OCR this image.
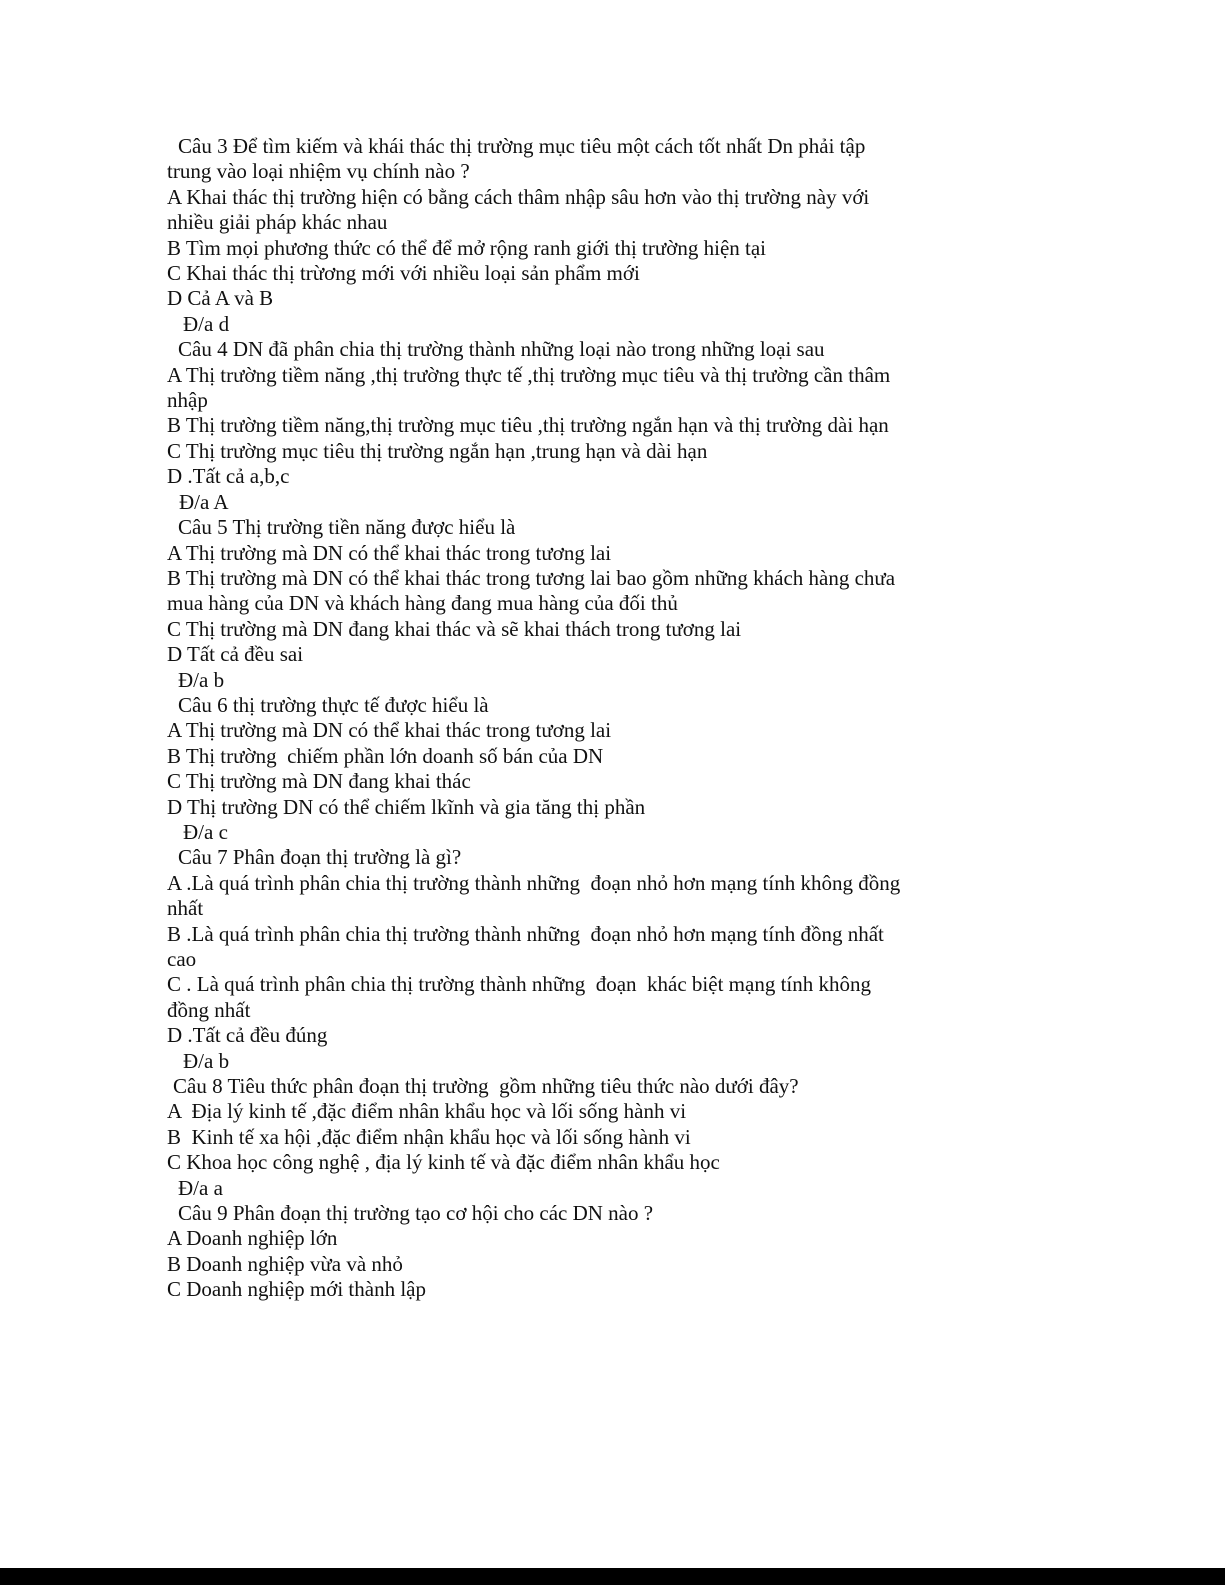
Câu 3 Để tìm kiếm và khái thác thị trường mục tiêu một cách tốt nhất Dn phải tập
trung vào loại nhiệm vụ chính nào ?
A Khai thác thị trường hiện có bằng cách thâm nhập sâu hơn vào thị trường này với
nhiều giải pháp khác nhau
B Tìm mọi phương thức có thể để mở rộng ranh giới thị trường hiện tại
C Khai thác thị trừơng mới với nhiều loại sản phẩm mới
D Cả A và B
Đ/a d
Câu 4 DN đã phân chia thị trường thành những loại nào trong những loại sau
A Thị trường tiềm năng ,thị trường thực tế ,thị trường mục tiêu và thị trường cần thâm
nhập
B Thị trường tiềm năng,thị trường mục tiêu ,thị trường ngắn hạn và thị trường dài hạn
C Thị trường mục tiêu thị trường ngắn hạn ,trung hạn và dài hạn
D .Tất cả a,b,c
Đ/a A
Câu 5 Thị trường tiền năng được hiểu là
A Thị trường mà DN có thể khai thác trong tương lai
B Thị trường mà DN có thể khai thác trong tương lai bao gồm những khách hàng chưa
mua hàng của DN và khách hàng đang mua hàng của đối thủ
C Thị trường mà DN đang khai thác và sẽ khai thách trong tương lai
D Tất cả đều sai
Đ/a b
Câu 6 thị trường thực tế được hiểu là
A Thị trường mà DN có thể khai thác trong tương lai
B Thị trường  chiếm phần lớn doanh số bán của DN
C Thị trường mà DN đang khai thác
D Thị trường DN có thể chiếm lkĩnh và gia tăng thị phần
Đ/a c
Câu 7 Phân đoạn thị trường là gì?
A .Là quá trình phân chia thị trường thành những  đoạn nhỏ hơn mạng tính không đồng
nhất
B .Là quá trình phân chia thị trường thành những  đoạn nhỏ hơn mạng tính đồng nhất
cao
C . Là quá trình phân chia thị trường thành những  đoạn  khác biệt mạng tính không
đồng nhất
D .Tất cả đều đúng
Đ/a b
Câu 8 Tiêu thức phân đoạn thị trường  gồm những tiêu thức nào dưới đây?
A  Địa lý kinh tế ,đặc điểm nhân khẩu học và lối sống hành vi
B  Kinh tế xa hội ,đặc điểm nhận khẩu học và lối sống hành vi
C Khoa học công nghệ , địa lý kinh tế và đặc điểm nhân khẩu học
Đ/a a
Câu 9 Phân đoạn thị trường tạo cơ hội cho các DN nào ?
A Doanh nghiệp lớn
B Doanh nghiệp vừa và nhỏ
C Doanh nghiệp mới thành lập
